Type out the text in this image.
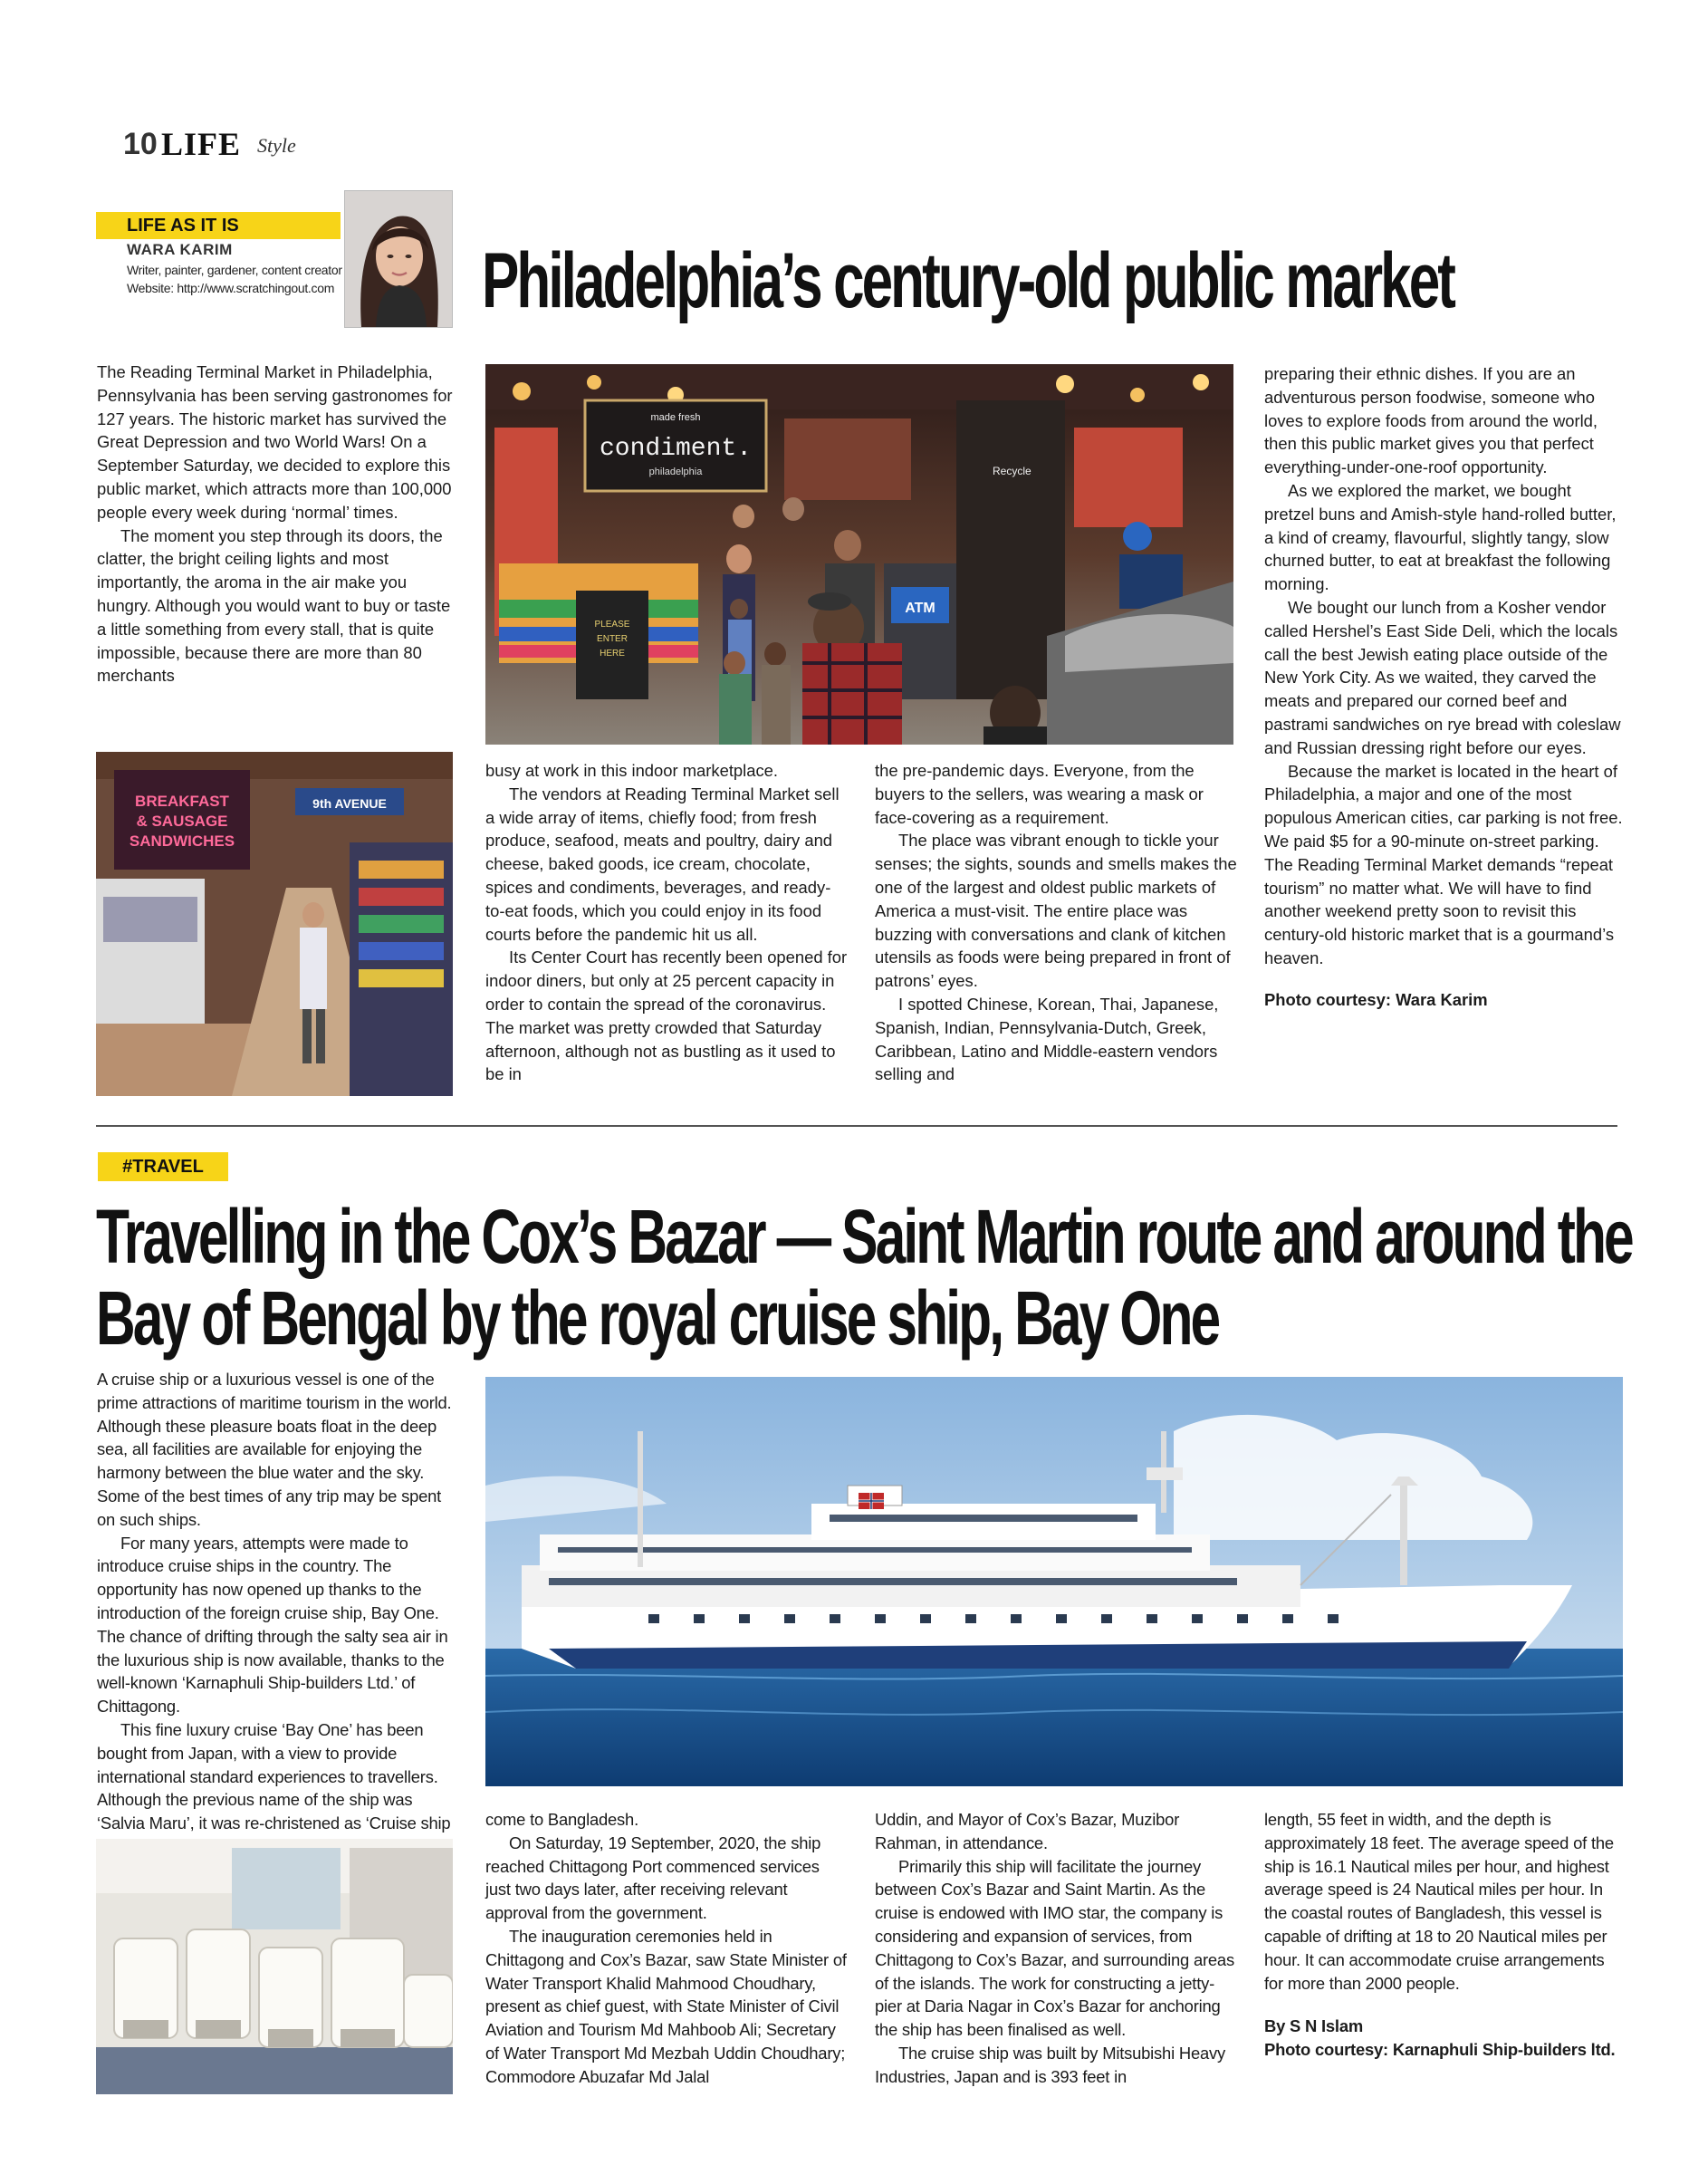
10 LIFE Style
LIFE AS IT IS
WARA KARIM
Writer, painter, gardener, content creator
Website: http://www.scratchingout.com Philadelphia’s century-old public market

The Reading Terminal Market in Philadelphia, Pennsylvania has been serving gastronomes for 127 years. The historic market has survived the Great Depression and two World Wars! On a September Saturday, we decided to explore this public market, which attracts more than 100,000 people every week during ‘normal’ times.

The moment you step through its doors, the clatter, the bright ceiling lights and most importantly, the aroma in the air make you hungry. Although you would want to buy or taste a little something from every stall, that is quite impossible, because there are more than 80 merchants

made fresh
condiment.
philadelphia	Recycle
ATM
PLEASE
ENTER
HERE
BREAKFAST
& SAUSAGE
SANDWICHES
9th AVENUE

busy at work in this indoor marketplace.

The vendors at Reading Terminal Market sell a wide array of items, chiefly food; from fresh produce, seafood, meats and poultry, dairy and cheese, baked goods, ice cream, chocolate, spices and condiments, beverages, and ready-to-eat foods, which you could enjoy in its food courts before the pandemic hit us all.

Its Center Court has recently been opened for indoor diners, but only at 25 percent capacity in order to contain the spread of the coronavirus. The market was pretty crowded that Saturday afternoon, although not as bustling as it used to be in

the pre-pandemic days. Everyone, from the buyers to the sellers, was wearing a mask or face-covering as a requirement.

The place was vibrant enough to tickle your senses; the sights, sounds and smells makes the one of the largest and oldest public markets of America a must-visit. The entire place was buzzing with conversations and clank of kitchen utensils as foods were being prepared in front of patrons’ eyes.

I spotted Chinese, Korean, Thai, Japanese, Spanish, Indian, Pennsylvania-Dutch, Greek, Caribbean, Latino and Middle-eastern vendors selling and

preparing their ethnic dishes. If you are an adventurous person foodwise, someone who loves to explore foods from around the world, then this public market gives you that perfect everything-under-one-roof opportunity.

As we explored the market, we bought pretzel buns and Amish-style hand-rolled butter, a kind of creamy, flavourful, slightly tangy, slow churned butter, to eat at breakfast the following morning.

We bought our lunch from a Kosher vendor called Hershel’s East Side Deli, which the locals call the best Jewish eating place outside of the New York City. As we waited, they carved the meats and prepared our corned beef and pastrami sandwiches on rye bread with coleslaw and Russian dressing right before our eyes.

Because the market is located in the heart of Philadelphia, a major and one of the most populous American cities, car parking is not free. We paid $5 for a 90-minute on-street parking. The Reading Terminal Market demands “repeat tourism” no matter what. We will have to find another weekend pretty soon to revisit this century-old historic market that is a gourmand’s heaven.

Photo courtesy: Wara Karim

#TRAVEL
Travelling in the Cox’s Bazar — Saint Martin route and around the
Bay of Bengal by the royal cruise ship, Bay One

A cruise ship or a luxurious vessel is one of the prime attractions of maritime tourism in the world. Although these pleasure boats float in the deep sea, all facilities are available for enjoying the harmony between the blue water and the sky. Some of the best times of any trip may be spent on such ships.

For many years, attempts were made to introduce cruise ships in the country. The opportunity has now opened up thanks to the introduction of the foreign cruise ship, Bay One. The chance of drifting through the salty sea air in the luxurious ship is now available, thanks to the well-known ‘Karnaphuli Ship-builders Ltd.’ of Chittagong.

This fine luxury cruise ‘Bay One’ has been bought from Japan, with a view to provide international standard experiences to travellers. Although the previous name of the ship was ‘Salvia Maru’, it was re-christened as ‘Cruise ship	come to Bangladesh.

On Saturday, 19 September, 2020, the ship reached Chittagong Port commenced services just two days later, after receiving relevant approval from the government.

The inauguration ceremonies held in Chittagong and Cox’s Bazar, saw State Minister of Water Transport Khalid Mahmood Choudhary, present as chief guest, with State Minister of Civil Aviation and Tourism Md Mahboob Ali; Secretary of Water Transport Md Mezbah Uddin Choudhary; Commodore Abuzafar Md Jalal

Uddin, and Mayor of Cox’s Bazar, Muzibor Rahman, in attendance.

Primarily this ship will facilitate the journey between Cox’s Bazar and Saint Martin. As the cruise is endowed with IMO star, the company is considering and expansion of services, from Chittagong to Cox’s Bazar, and surrounding areas of the islands. The work for constructing a jetty-pier at Daria Nagar in Cox’s Bazar for anchoring the ship has been finalised as well.

The cruise ship was built by Mitsubishi Heavy Industries, Japan and is 393 feet in

length, 55 feet in width, and the depth is approximately 18 feet. The average speed of the ship is 16.1 Nautical miles per hour, and highest average speed is 24 Nautical miles per hour. In the coastal routes of Bangladesh, this vessel is capable of drifting at 18 to 20 Nautical miles per hour. It can accommodate cruise arrangements for more than 2000 people.

By S N Islam

Photo courtesy: Karnaphuli Ship-builders ltd.
